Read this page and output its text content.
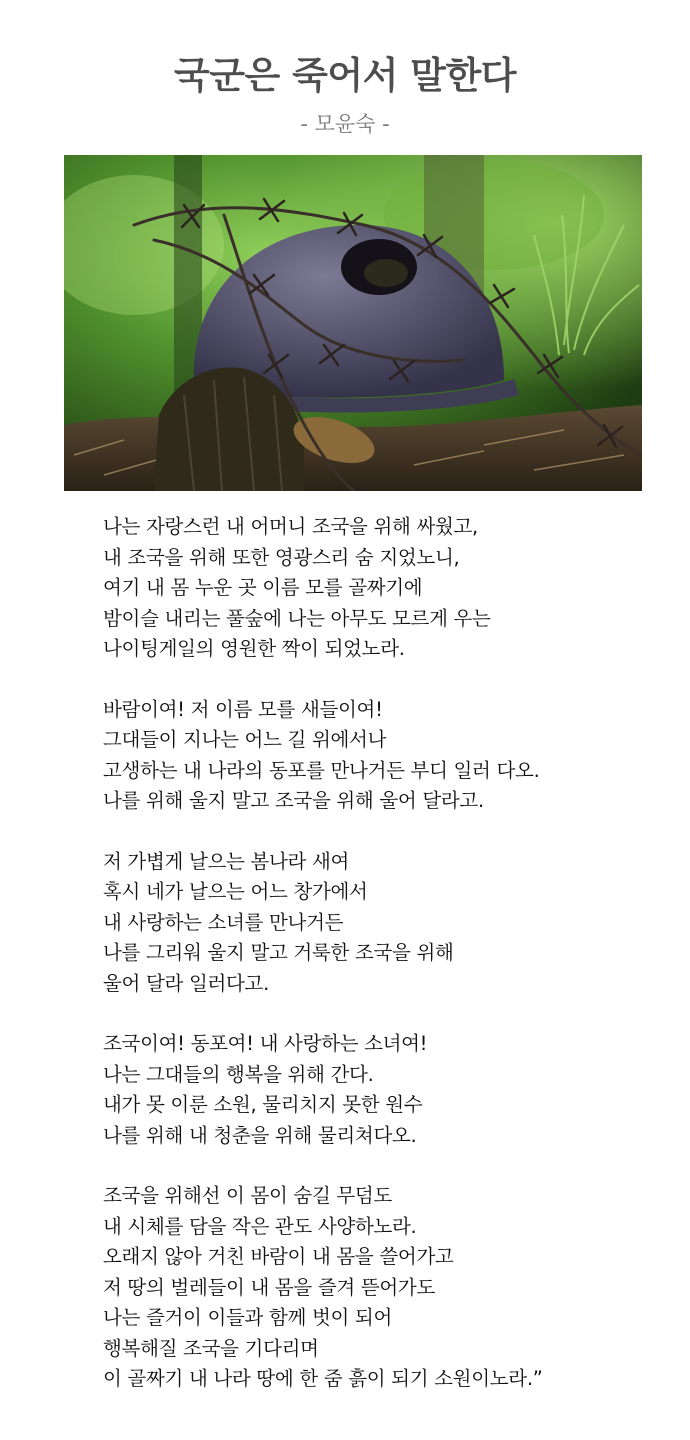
국군은 죽어서 말한다
- 모윤숙 -
나는 자랑스런 내 어머니 조국을 위해 싸웠고,
내 조국을 위해 또한 영광스리 숨 지었노니,
여기 내 몸 누운 곳 이름 모를 골짜기에
밤이슬 내리는 풀숲에 나는 아무도 모르게 우는
나이팅게일의 영원한 짝이 되었노라.
바람이여! 저 이름 모를 새들이여!
그대들이 지나는 어느 길 위에서나
고생하는 내 나라의 동포를 만나거든 부디 일러 다오.
나를 위해 울지 말고 조국을 위해 울어 달라고.
저 가볍게 날으는 봄나라 새여
혹시 네가 날으는 어느 창가에서
내 사랑하는 소녀를 만나거든
나를 그리워 울지 말고 거룩한 조국을 위해
울어 달라 일러다고.
조국이여! 동포여! 내 사랑하는 소녀여!
나는 그대들의 행복을 위해 간다.
내가 못 이룬 소원, 물리치지 못한 원수
나를 위해 내 청춘을 위해 물리쳐다오.
조국을 위해선 이 몸이 숨길 무덤도
내 시체를 담을 작은 관도 사양하노라.
오래지 않아 거친 바람이 내 몸을 쓸어가고
저 땅의 벌레들이 내 몸을 즐겨 뜯어가도
나는 즐거이 이들과 함께 벗이 되어
행복해질 조국을 기다리며
이 골짜기 내 나라 땅에 한 줌 흙이 되기 소원이노라.”
